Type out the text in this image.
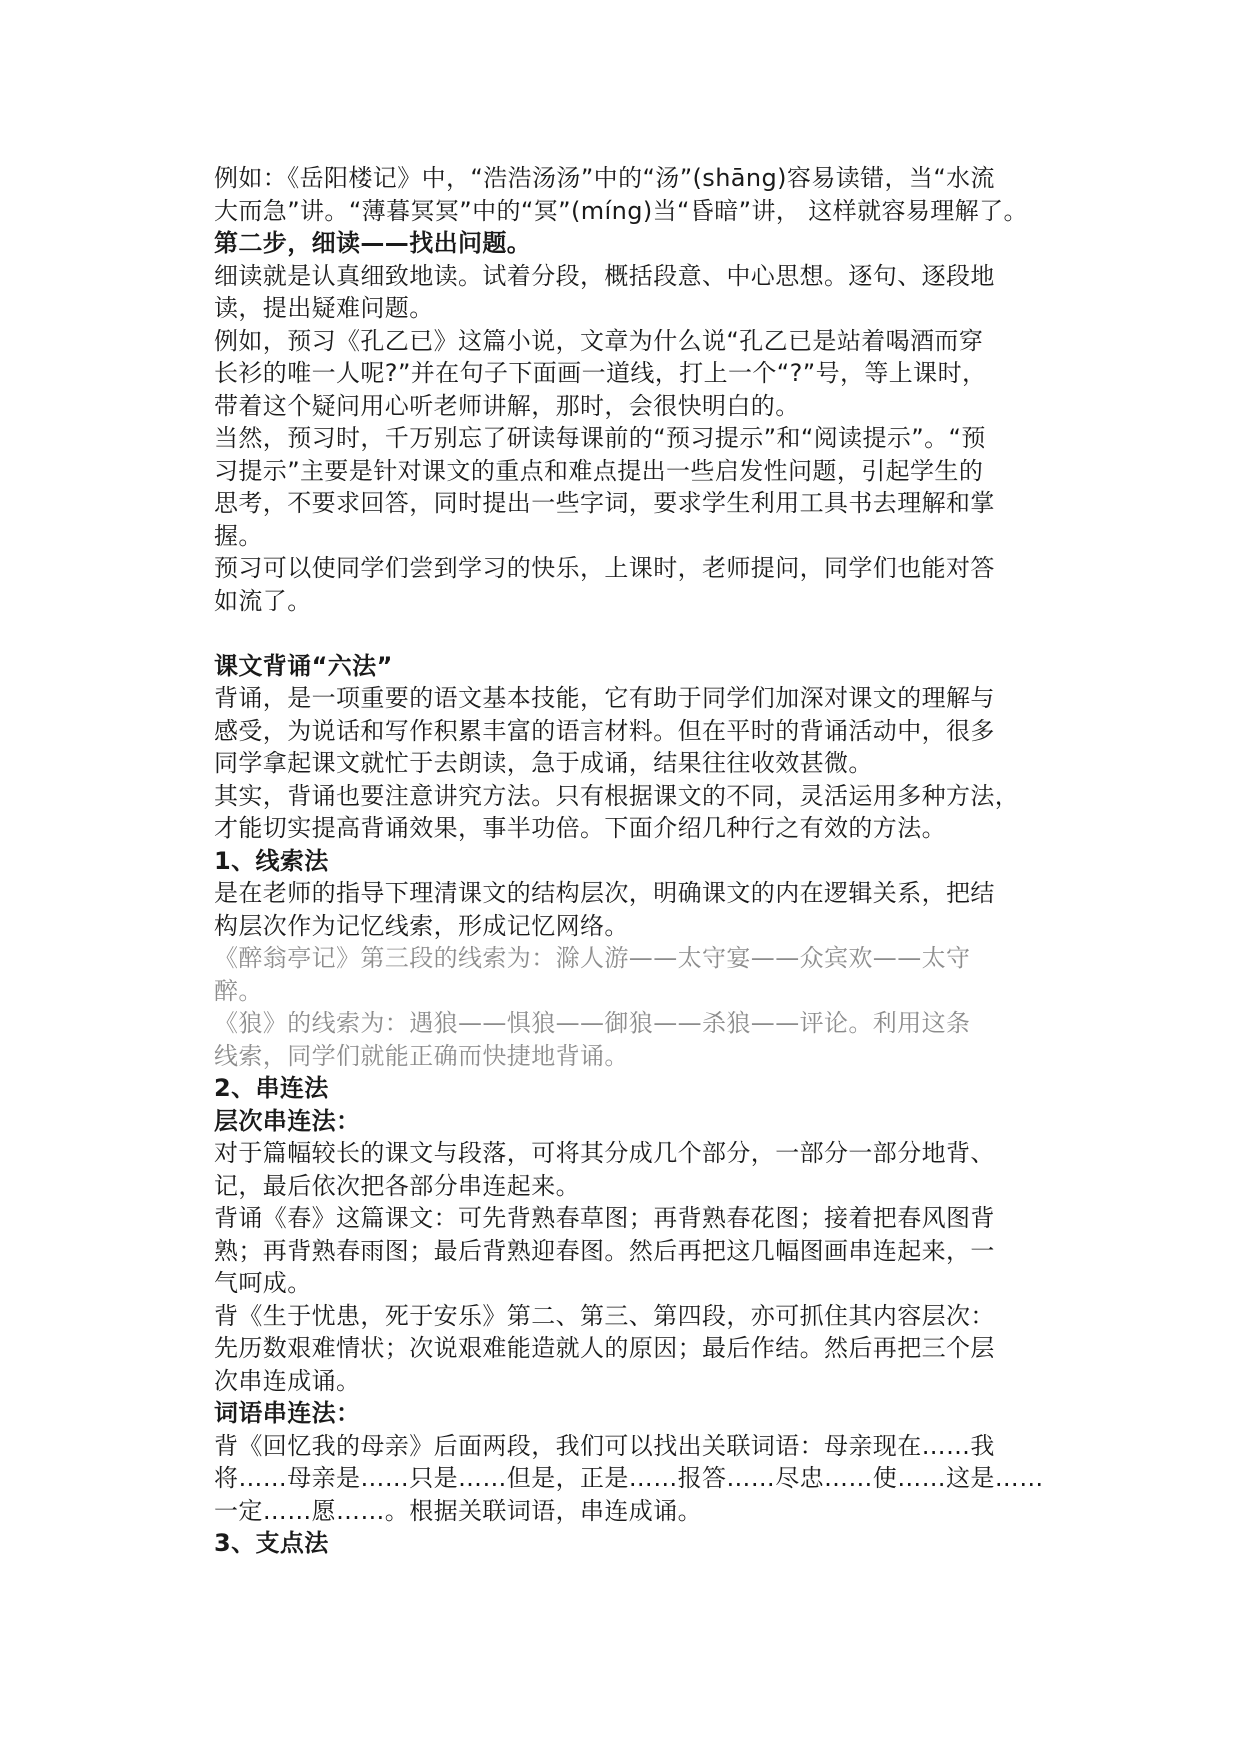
例如：《岳阳楼记》中，“浩浩汤汤”中的“汤”(shāng)容易读错，当“水流

大而急”讲。“薄暮冥冥”中的“冥”(míng)当“昏暗”讲， 这样就容易理解了。

第二步，细读——找出问题。

细读就是认真细致地读。试着分段，概括段意、中心思想。逐句、逐段地

读，提出疑难问题。

例如，预习《孔乙已》这篇小说，文章为什么说“孔乙已是站着喝酒而穿

长衫的唯一人呢?”并在句子下面画一道线，打上一个“?”号，等上课时，

带着这个疑问用心听老师讲解，那时，会很快明白的。

当然，预习时，千万别忘了研读每课前的“预习提示”和“阅读提示”。“预

习提示”主要是针对课文的重点和难点提出一些启发性问题，引起学生的

思考，不要求回答，同时提出一些字词，要求学生利用工具书去理解和掌

握。

预习可以使同学们尝到学习的快乐，上课时，老师提问，同学们也能对答

如流了。

课文背诵“六法”

背诵，是一项重要的语文基本技能，它有助于同学们加深对课文的理解与

感受，为说话和写作积累丰富的语言材料。但在平时的背诵活动中，很多

同学拿起课文就忙于去朗读，急于成诵，结果往往收效甚微。

其实，背诵也要注意讲究方法。只有根据课文的不同，灵活运用多种方法，

才能切实提高背诵效果，事半功倍。下面介绍几种行之有效的方法。

1、线索法

是在老师的指导下理清课文的结构层次，明确课文的内在逻辑关系，把结

构层次作为记忆线索，形成记忆网络。

《醉翁亭记》第三段的线索为：滁人游——太守宴——众宾欢——太守

醉。

《狼》的线索为：遇狼——惧狼——御狼——杀狼——评论。利用这条

线索，同学们就能正确而快捷地背诵。

2、串连法

层次串连法：

对于篇幅较长的课文与段落，可将其分成几个部分，一部分一部分地背、

记，最后依次把各部分串连起来。

背诵《春》这篇课文：可先背熟春草图；再背熟春花图；接着把春风图背

熟；再背熟春雨图；最后背熟迎春图。然后再把这几幅图画串连起来，一

气呵成。

背《生于忧患，死于安乐》第二、第三、第四段，亦可抓住其内容层次：

先历数艰难情状；次说艰难能造就人的原因；最后作结。然后再把三个层

次串连成诵。

词语串连法：

背《回忆我的母亲》后面两段，我们可以找出关联词语：母亲现在……我

将……母亲是……只是……但是，正是……报答……尽忠……使……这是……

一定……愿……。根据关联词语，串连成诵。

3、支点法
